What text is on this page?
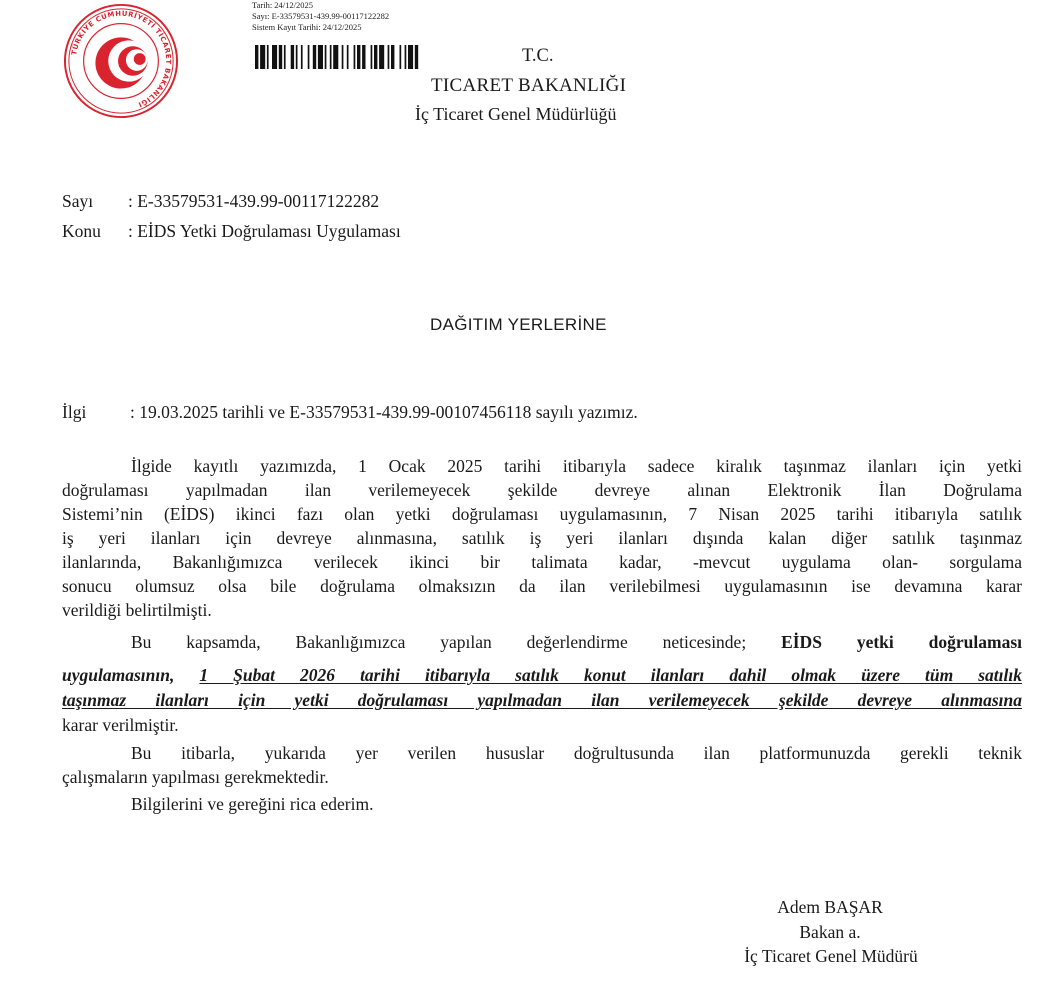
TÜRKİYE CUMHURİYETİ TİCARET BAKANLIĞI
Tarih: 24/12/2025
Sayı: E-33579531-439.99-00117122282
Sistem Kayıt Tarihi: 24/12/2025
T.C.
TICARET BAKANLIĞI
İç Ticaret Genel Müdürlüğü
Sayı : E-33579531-439.99-00117122282
Konu : EİDS Yetki Doğrulaması Uygulaması
DAĞITIM YERLERİNE
İlgi : 19.03.2025 tarihli ve E-33579531-439.99-00107456118 sayılı yazımız.
İlgide kayıtlı yazımızda, 1 Ocak 2025 tarihi itibarıyla sadece kiralık taşınmaz ilanları için yetki
doğrulaması yapılmadan ilan verilemeyecek şekilde devreye alınan Elektronik İlan Doğrulama
Sistemi’nin (EİDS) ikinci fazı olan yetki doğrulaması uygulamasının, 7 Nisan 2025 tarihi itibarıyla satılık
iş yeri ilanları için devreye alınmasına, satılık iş yeri ilanları dışında kalan diğer satılık taşınmaz
ilanlarında, Bakanlığımızca verilecek ikinci bir talimata kadar, -mevcut uygulama olan- sorgulama
sonucu olumsuz olsa bile doğrulama olmaksızın da ilan verilebilmesi uygulamasının ise devamına karar
verildiği belirtilmişti.
Bu kapsamda, Bakanlığımızca yapılan değerlendirme neticesinde; EİDS yetki doğrulaması
uygulamasının, 1 Şubat 2026 tarihi itibarıyla satılık konut ilanları dahil olmak üzere tüm satılık
taşınmaz ilanları için yetki doğrulaması yapılmadan ilan verilemeyecek şekilde devreye alınmasına
karar verilmiştir.
Bu itibarla, yukarıda yer verilen hususlar doğrultusunda ilan platformunuzda gerekli teknik
çalışmaların yapılması gerekmektedir.
Bilgilerini ve gereğini rica ederim.
Adem BAŞAR
Bakan a.
İç Ticaret Genel Müdürü
